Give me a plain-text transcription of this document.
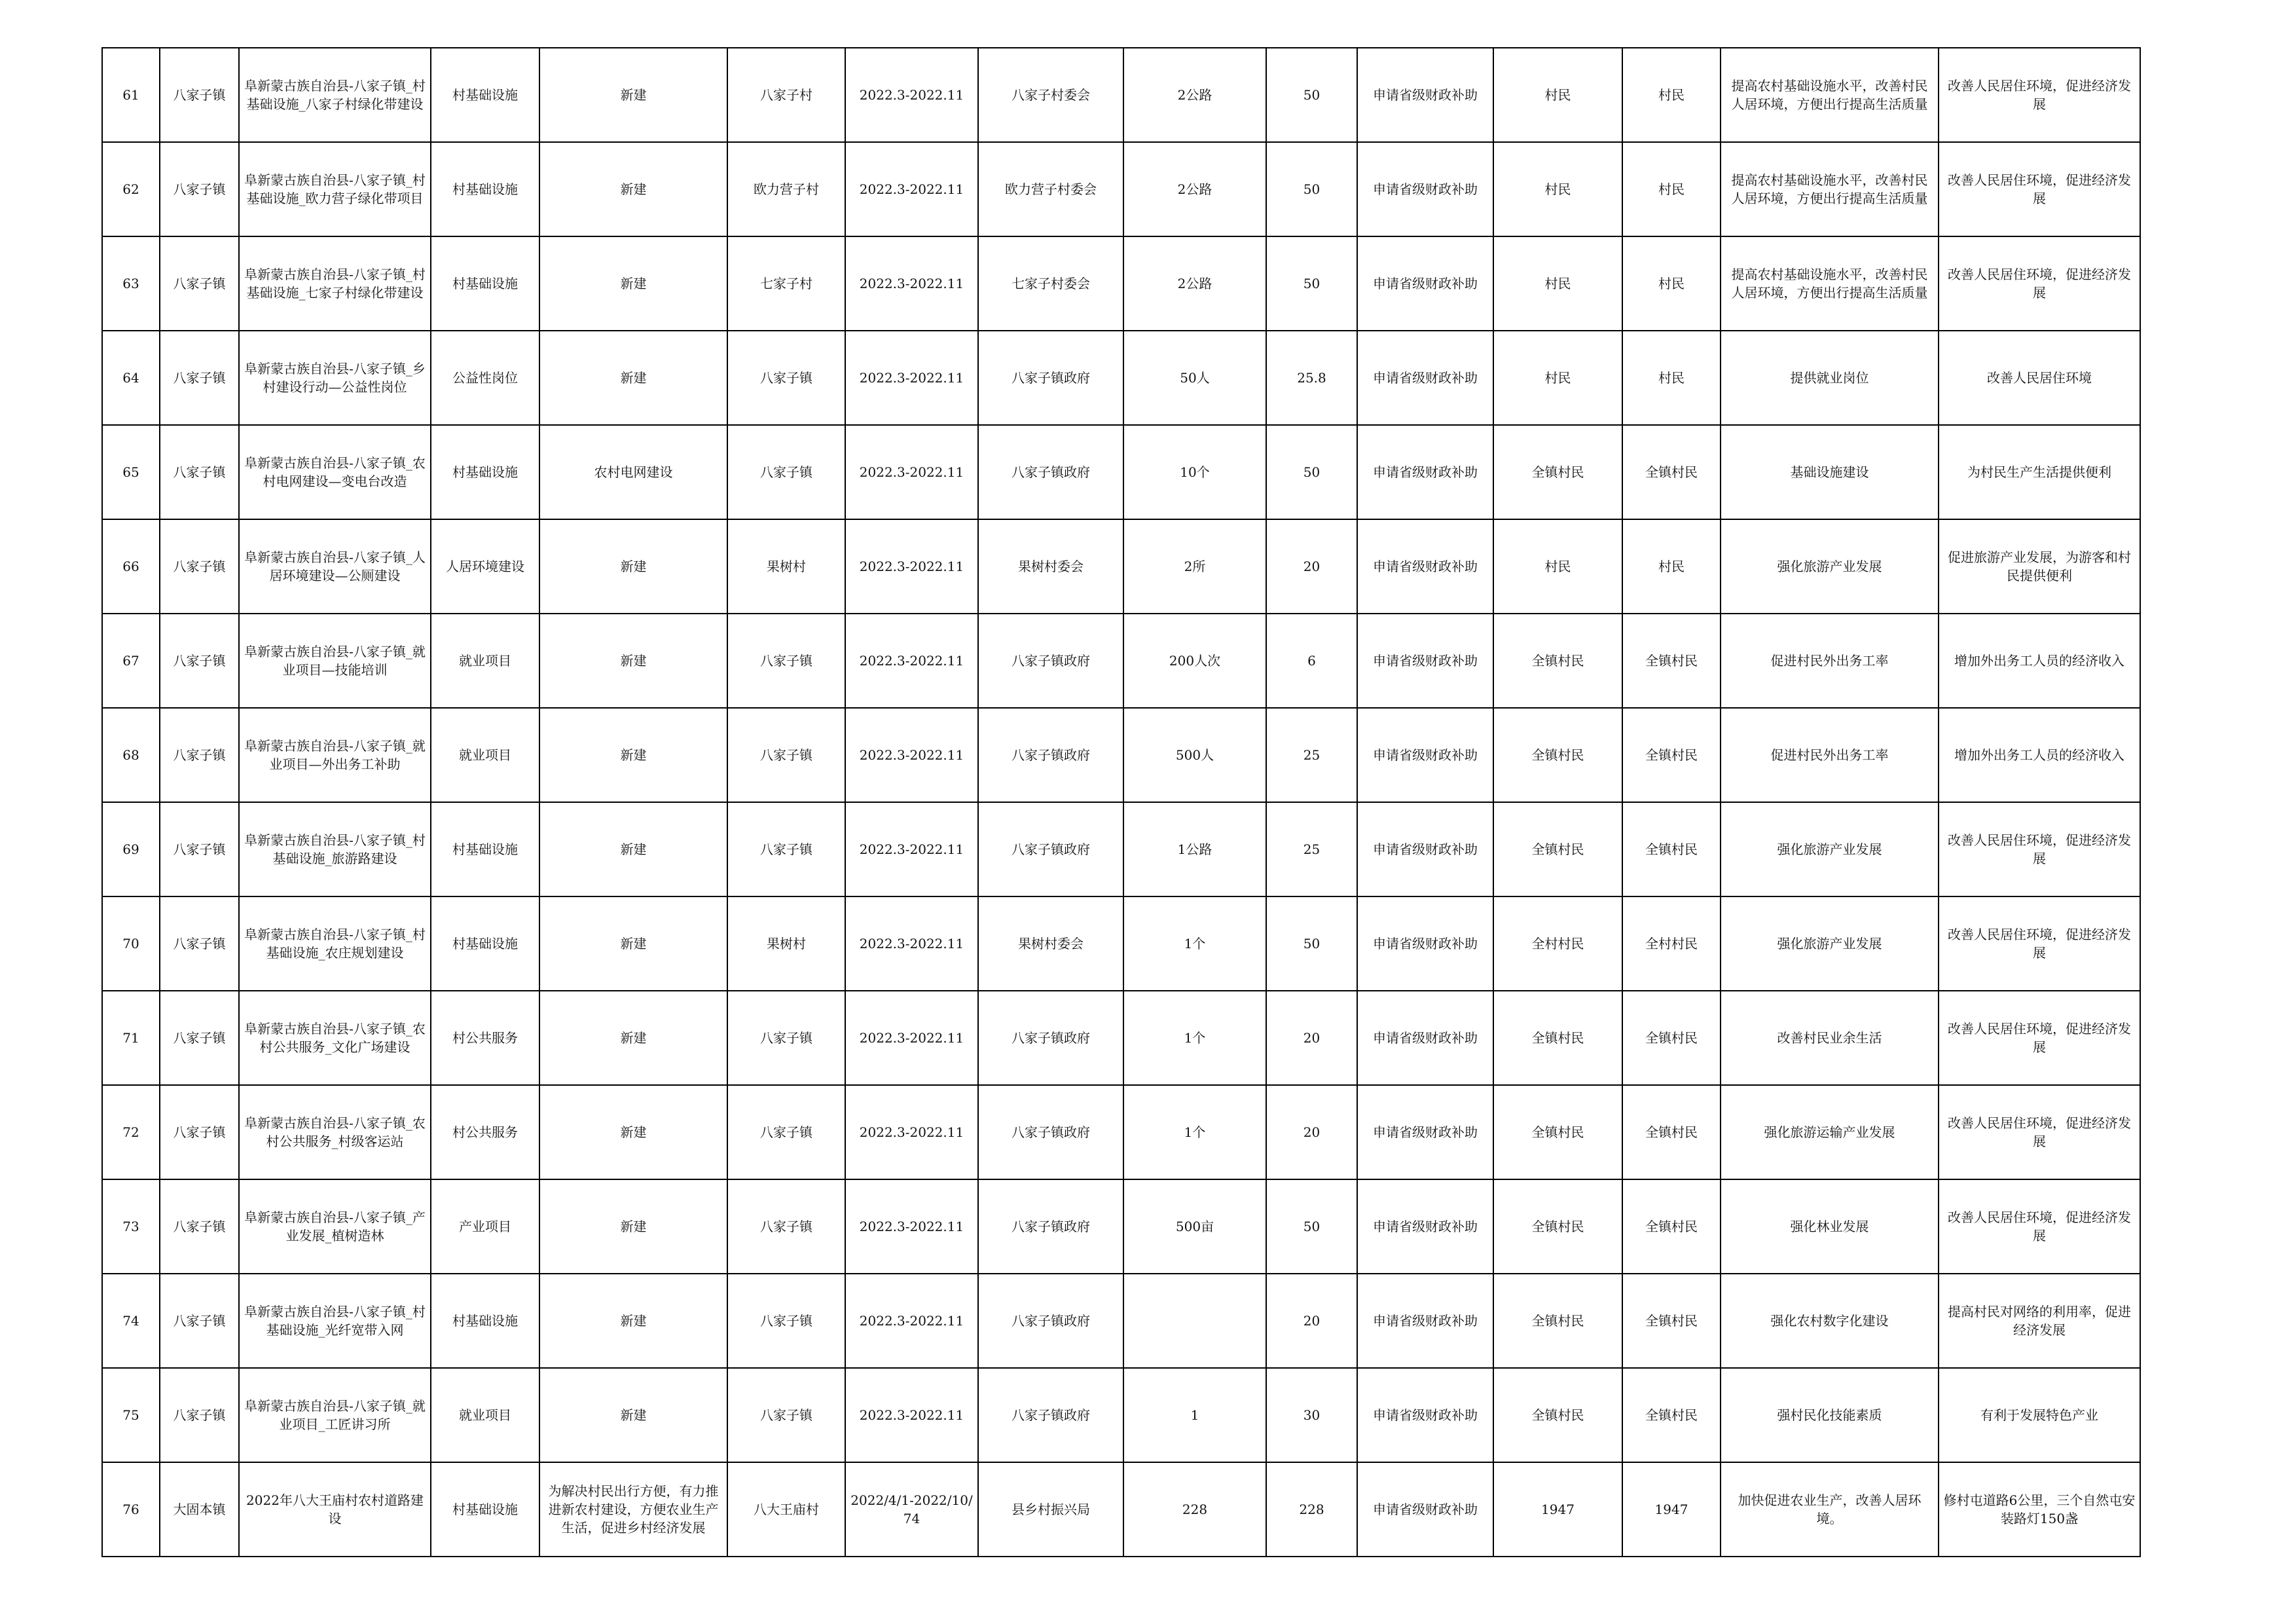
61	八家子镇	阜新蒙古族自治县-八家子镇_村基础设施_八家子村绿化带建设	村基础设施	新建	八家子村	2022.3-2022.11	八家子村委会	2公路	50	申请省级财政补助	村民	村民	提高农村基础设施水平，改善村民人居环境，方便出行提高生活质量	改善人民居住环境，促进经济发展
62	八家子镇	阜新蒙古族自治县-八家子镇_村基础设施_欧力营子绿化带项目	村基础设施	新建	欧力营子村	2022.3-2022.11	欧力营子村委会	2公路	50	申请省级财政补助	村民	村民	提高农村基础设施水平，改善村民人居环境，方便出行提高生活质量	改善人民居住环境，促进经济发展
63	八家子镇	阜新蒙古族自治县-八家子镇_村基础设施_七家子村绿化带建设	村基础设施	新建	七家子村	2022.3-2022.11	七家子村委会	2公路	50	申请省级财政补助	村民	村民	提高农村基础设施水平，改善村民人居环境，方便出行提高生活质量	改善人民居住环境，促进经济发展
64	八家子镇	阜新蒙古族自治县-八家子镇_乡村建设行动—公益性岗位	公益性岗位	新建	八家子镇	2022.3-2022.11	八家子镇政府	50人	25.8	申请省级财政补助	村民	村民	提供就业岗位	改善人民居住环境
65	八家子镇	阜新蒙古族自治县-八家子镇_农村电网建设—变电台改造	村基础设施	农村电网建设	八家子镇	2022.3-2022.11	八家子镇政府	10个	50	申请省级财政补助	全镇村民	全镇村民	基础设施建设	为村民生产生活提供便利
66	八家子镇	阜新蒙古族自治县-八家子镇_人居环境建设—公厕建设	人居环境建设	新建	果树村	2022.3-2022.11	果树村委会	2所	20	申请省级财政补助	村民	村民	强化旅游产业发展	促进旅游产业发展，为游客和村民提供便利
67	八家子镇	阜新蒙古族自治县-八家子镇_就业项目—技能培训	就业项目	新建	八家子镇	2022.3-2022.11	八家子镇政府	200人次	6	申请省级财政补助	全镇村民	全镇村民	促进村民外出务工率	增加外出务工人员的经济收入
68	八家子镇	阜新蒙古族自治县-八家子镇_就业项目—外出务工补助	就业项目	新建	八家子镇	2022.3-2022.11	八家子镇政府	500人	25	申请省级财政补助	全镇村民	全镇村民	促进村民外出务工率	增加外出务工人员的经济收入
69	八家子镇	阜新蒙古族自治县-八家子镇_村基础设施_旅游路建设	村基础设施	新建	八家子镇	2022.3-2022.11	八家子镇政府	1公路	25	申请省级财政补助	全镇村民	全镇村民	强化旅游产业发展	改善人民居住环境，促进经济发展
70	八家子镇	阜新蒙古族自治县-八家子镇_村基础设施_农庄规划建设	村基础设施	新建	果树村	2022.3-2022.11	果树村委会	1个	50	申请省级财政补助	全村村民	全村村民	强化旅游产业发展	改善人民居住环境，促进经济发展
71	八家子镇	阜新蒙古族自治县-八家子镇_农村公共服务_文化广场建设	村公共服务	新建	八家子镇	2022.3-2022.11	八家子镇政府	1个	20	申请省级财政补助	全镇村民	全镇村民	改善村民业余生活	改善人民居住环境，促进经济发展
72	八家子镇	阜新蒙古族自治县-八家子镇_农村公共服务_村级客运站	村公共服务	新建	八家子镇	2022.3-2022.11	八家子镇政府	1个	20	申请省级财政补助	全镇村民	全镇村民	强化旅游运输产业发展	改善人民居住环境，促进经济发展
73	八家子镇	阜新蒙古族自治县-八家子镇_产业发展_植树造林	产业项目	新建	八家子镇	2022.3-2022.11	八家子镇政府	500亩	50	申请省级财政补助	全镇村民	全镇村民	强化林业发展	改善人民居住环境，促进经济发展
74	八家子镇	阜新蒙古族自治县-八家子镇_村基础设施_光纤宽带入网	村基础设施	新建	八家子镇	2022.3-2022.11	八家子镇政府		20	申请省级财政补助	全镇村民	全镇村民	强化农村数字化建设	提高村民对网络的利用率，促进经济发展
75	八家子镇	阜新蒙古族自治县-八家子镇_就业项目_工匠讲习所	就业项目	新建	八家子镇	2022.3-2022.11	八家子镇政府	1	30	申请省级财政补助	全镇村民	全镇村民	强村民化技能素质	有利于发展特色产业
76	大固本镇	2022年八大王庙村农村道路建设	村基础设施	为解决村民出行方便，有力推进新农村建设，方便农业生产生活，促进乡村经济发展	八大王庙村	2022/4/1-2022/10/74	县乡村振兴局	228	228	申请省级财政补助	1947	1947	加快促进农业生产，改善人居环境。	修村屯道路6公里，三个自然屯安装路灯150盏
